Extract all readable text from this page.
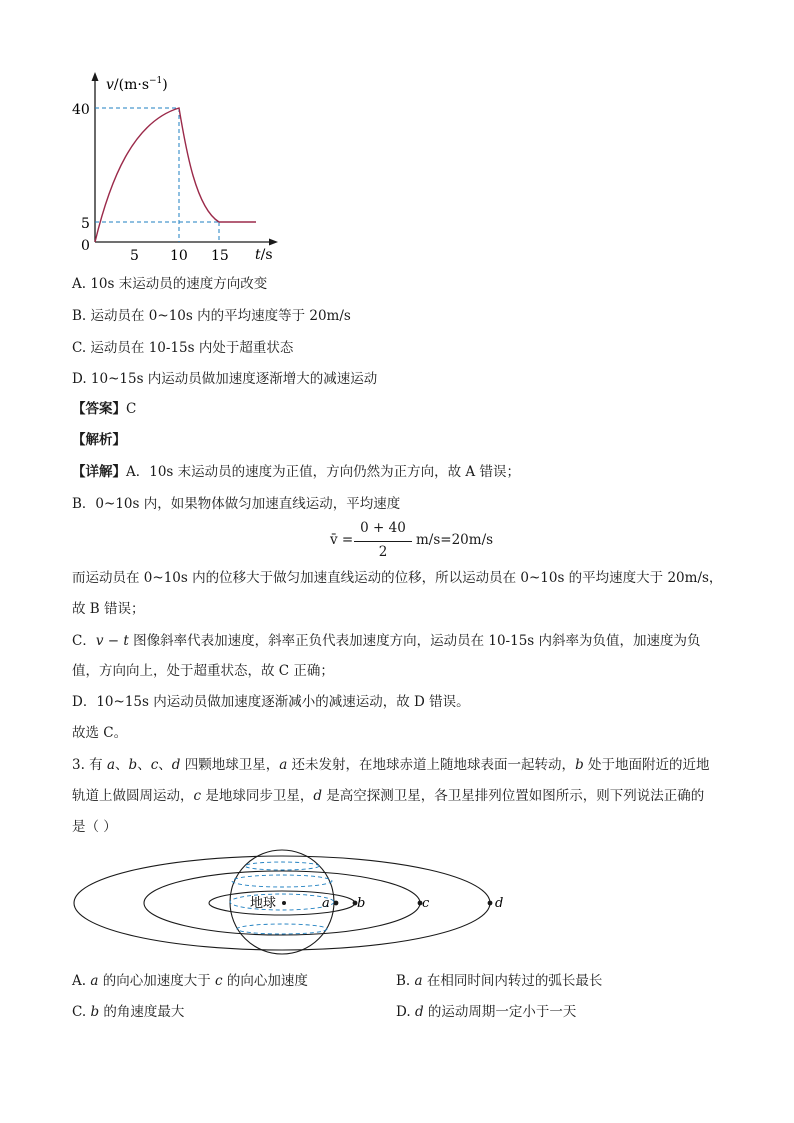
$v/(m\cdot s^{-1})$
t/s
40
5
0
5 10 15
A. 10s 末运动员的速度方向改变
B. 运动员在 0~10s 内的平均速度等于 20m/s
C. 运动员在 10-15s 内处于超重状态
D. 10~15s 内运动员做加速度逐渐增大的减速运动
【答案】C
【解析】
【详解】A．10s 末运动员的速度为正值，方向仍然为正方向，故 A 错误；
B．0~10s 内，如果物体做匀加速直线运动，平均速度
v̄ =
0 + 40
2
m/s=20m/s
而运动员在 0~10s 内的位移大于做匀加速直线运动的位移，所以运动员在 0~10s 的平均速度大于 20m/s，
故 B 错误；
C．v − t 图像斜率代表加速度，斜率正负代表加速度方向，运动员在 10-15s 内斜率为负值，加速度为负
值，方向向上，处于超重状态，故 C 正确；
D．10~15s 内运动员做加速度逐渐减小的减速运动，故 D 错误。
故选 C。
3. 有 a、b、c、d 四颗地球卫星，a 还未发射，在地球赤道上随地球表面一起转动，b 处于地面附近的近地
轨道上做圆周运动，c 是地球同步卫星，d 是高空探测卫星，各卫星排列位置如图所示，则下列说法正确的
是（ ）
地球	a b	c	d
A. a 的向心加速度大于 c 的向心加速度	B. a 在相同时间内转过的弧长最长
C. b 的角速度最大	D. d 的运动周期一定小于一天
